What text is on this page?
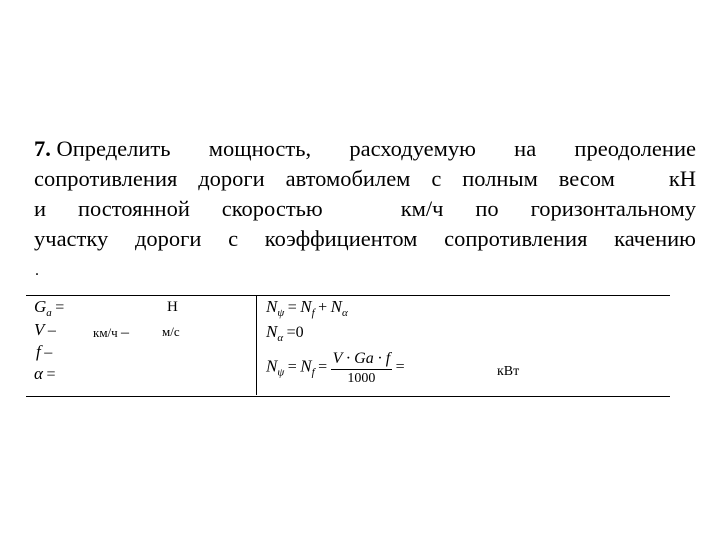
7. Определить мощность, расходуемую на преодоление
сопротивления дороги автомобилем с полным весом кН
и постоянной скоростью	км/ч по горизонтальному
участку дороги с коэффициентом сопротивления качению
.
$G_a$ =	Н
V –	км/ч –	м/с
f –
α =
$N_\psi = N_f + N_\alpha$
$N_\alpha =0$
$N_\psi = N_f = \frac{V \cdot Ga \cdot f}{1000}$ =	кВт
